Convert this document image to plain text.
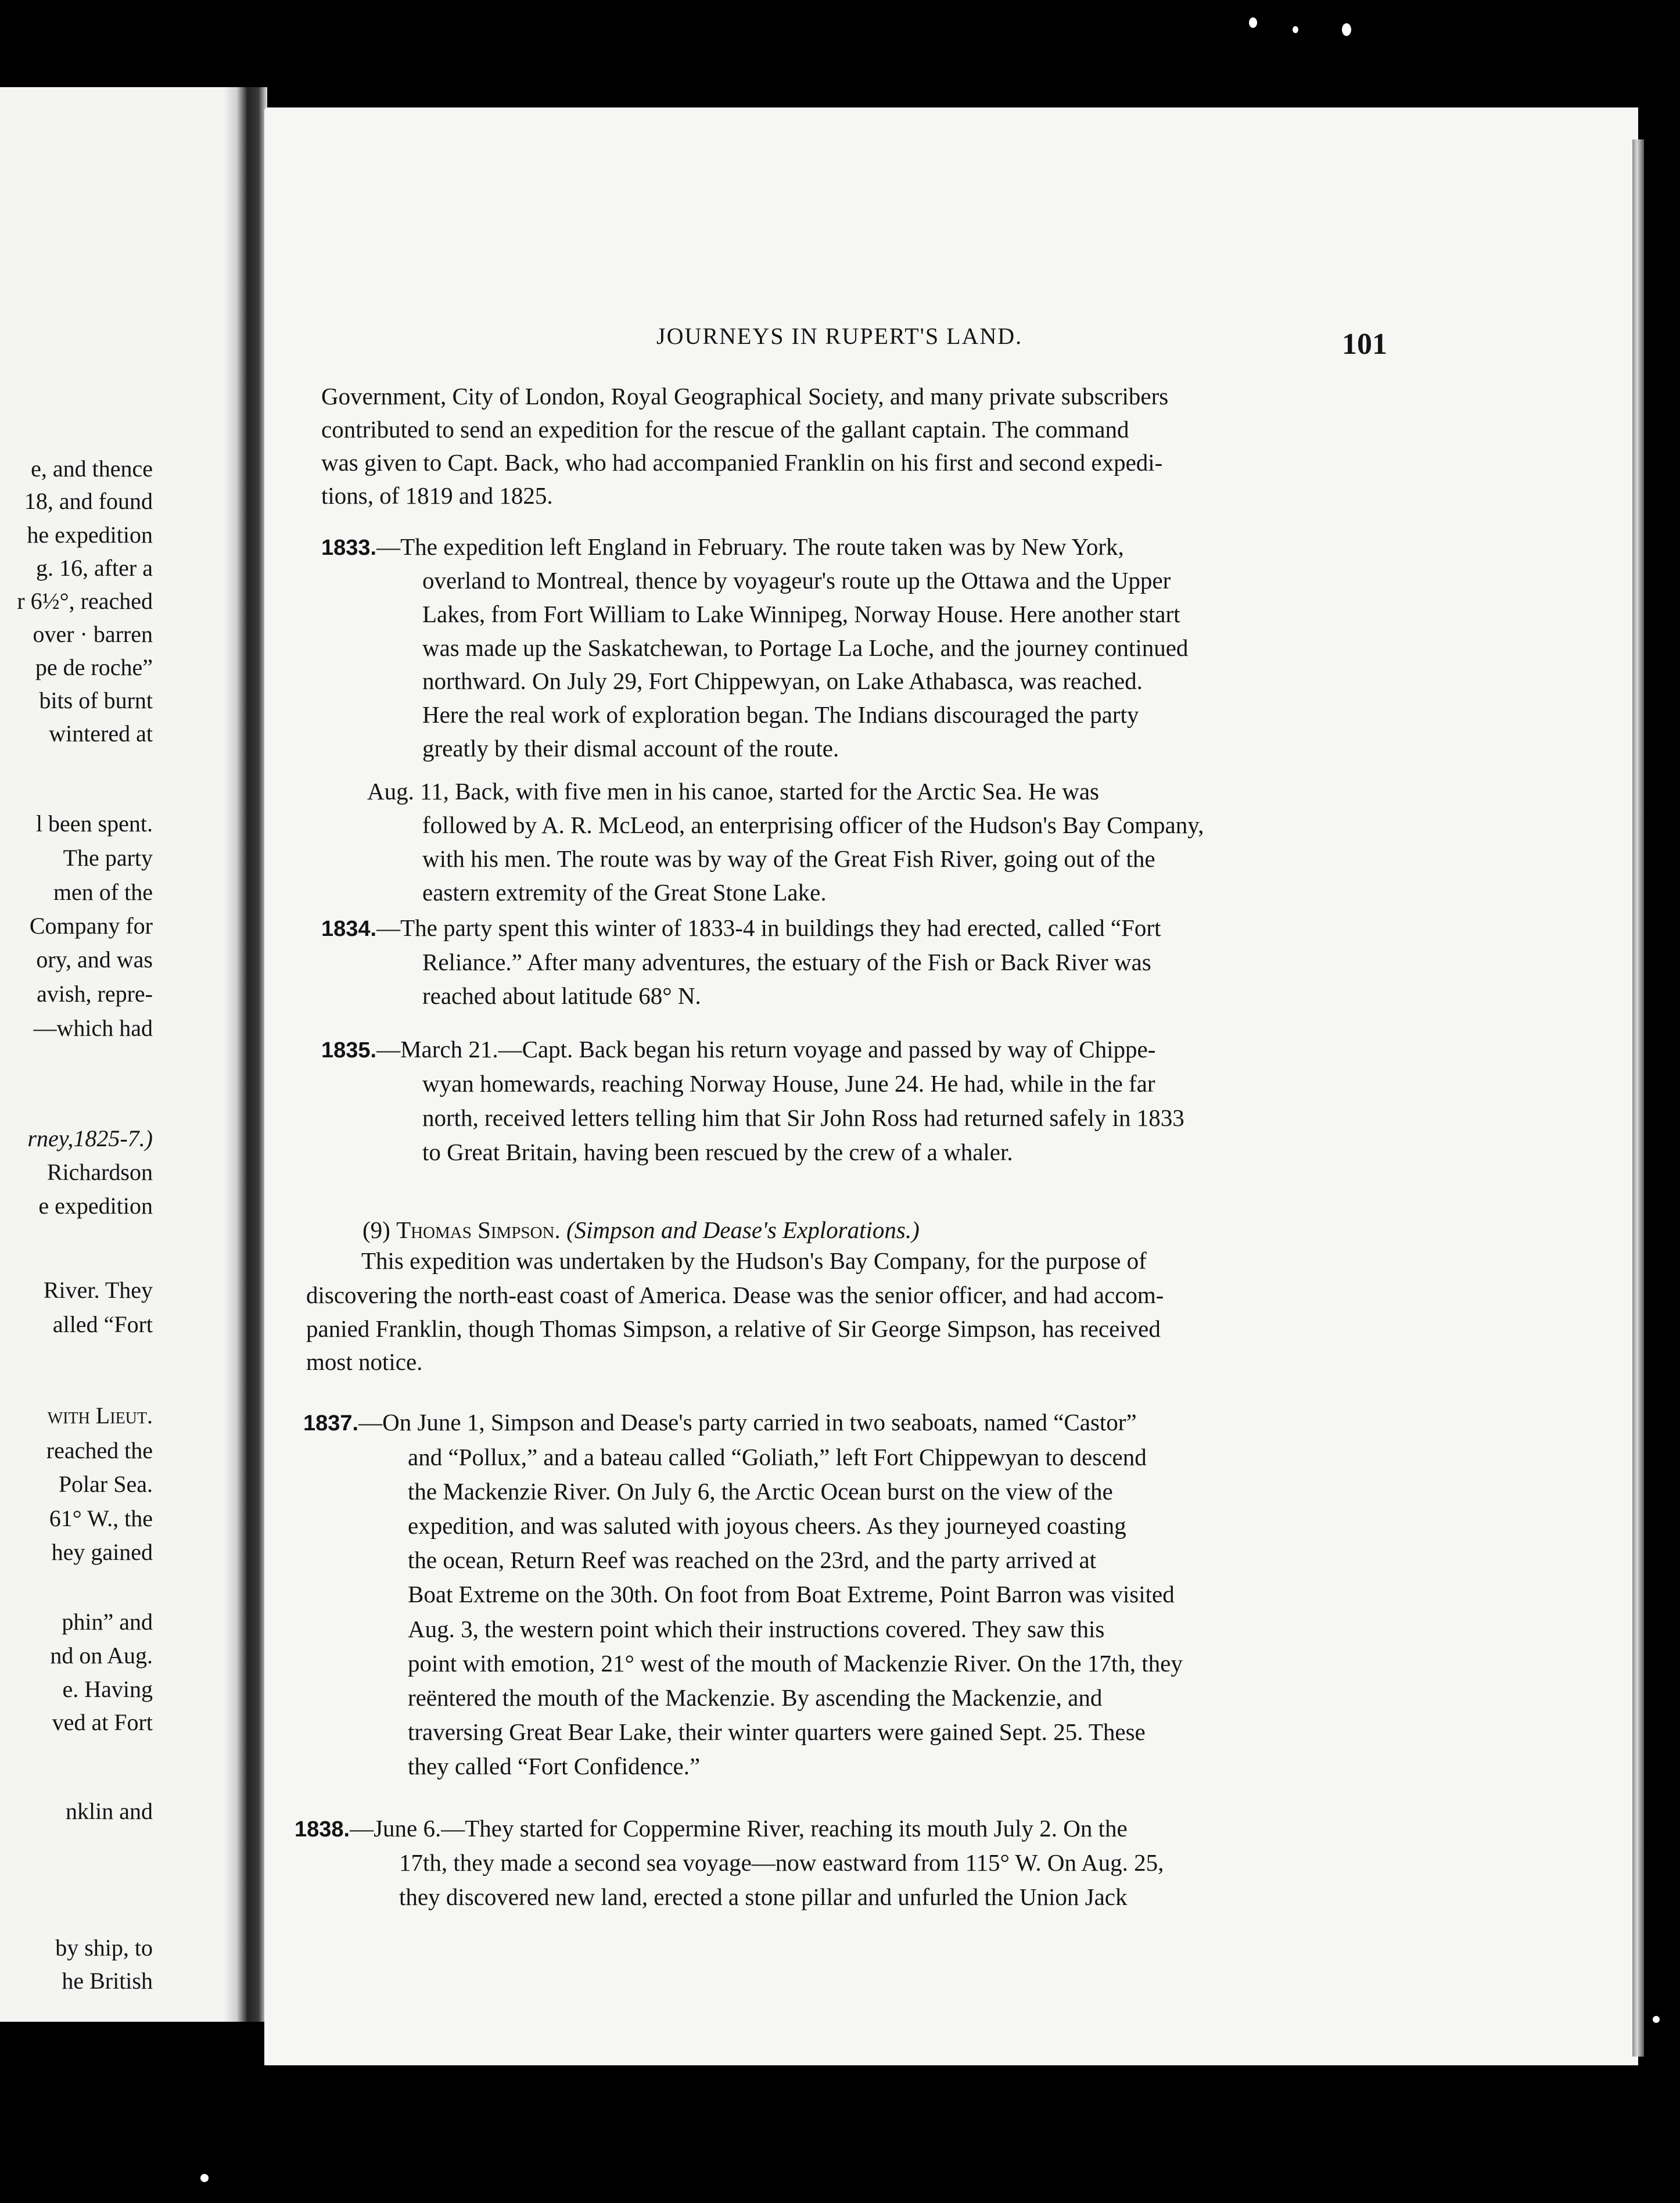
e, and thence
18, and found
he expedition
g. 16, after a
r 6½°, reached
over · barren
pe de roche”
bits of burnt
wintered at
l been spent.
The party
men of the
Company for
ory, and was
avish, repre-
—which had
rney,1825-7.)
Richardson
e expedition
River. They
alled “Fort
with Lieut.
reached the
Polar Sea.
61° W., the
hey gained
phin” and
nd on Aug.
e. Having
ved at Fort
nklin and
by ship, to
he British
JOURNEYS IN RUPERT'S LAND.	101
Government, City of London, Royal Geographical Society, and many private subscribers
contributed to send an expedition for the rescue of the gallant captain. The command
was given to Capt. Back, who had accompanied Franklin on his first and second expedi-
tions, of 1819 and 1825.
1833.—The expedition left England in February. The route taken was by New York,
overland to Montreal, thence by voyageur's route up the Ottawa and the Upper
Lakes, from Fort William to Lake Winnipeg, Norway House. Here another start
was made up the Saskatchewan, to Portage La Loche, and the journey continued
northward. On July 29, Fort Chippewyan, on Lake Athabasca, was reached.
Here the real work of exploration began. The Indians discouraged the party
greatly by their dismal account of the route.
Aug. 11, Back, with five men in his canoe, started for the Arctic Sea. He was
followed by A. R. McLeod, an enterprising officer of the Hudson's Bay Company,
with his men. The route was by way of the Great Fish River, going out of the
eastern extremity of the Great Stone Lake.
1834.—The party spent this winter of 1833-4 in buildings they had erected, called “Fort
Reliance.” After many adventures, the estuary of the Fish or Back River was
reached about latitude 68° N.
1835.—March 21.—Capt. Back began his return voyage and passed by way of Chippe-
wyan homewards, reaching Norway House, June 24. He had, while in the far
north, received letters telling him that Sir John Ross had returned safely in 1833
to Great Britain, having been rescued by the crew of a whaler.
(9) Thomas Simpson. (Simpson and Dease's Explorations.)
This expedition was undertaken by the Hudson's Bay Company, for the purpose of
discovering the north-east coast of America. Dease was the senior officer, and had accom-
panied Franklin, though Thomas Simpson, a relative of Sir George Simpson, has received
most notice.
1837.—On June 1, Simpson and Dease's party carried in two seaboats, named “Castor”
and “Pollux,” and a bateau called “Goliath,” left Fort Chippewyan to descend
the Mackenzie River. On July 6, the Arctic Ocean burst on the view of the
expedition, and was saluted with joyous cheers. As they journeyed coasting
the ocean, Return Reef was reached on the 23rd, and the party arrived at
Boat Extreme on the 30th. On foot from Boat Extreme, Point Barron was visited
Aug. 3, the western point which their instructions covered. They saw this
point with emotion, 21° west of the mouth of Mackenzie River. On the 17th, they
reëntered the mouth of the Mackenzie. By ascending the Mackenzie, and
traversing Great Bear Lake, their winter quarters were gained Sept. 25. These
they called “Fort Confidence.”
1838.—June 6.—They started for Coppermine River, reaching its mouth July 2. On the
17th, they made a second sea voyage—now eastward from 115° W. On Aug. 25,
they discovered new land, erected a stone pillar and unfurled the Union Jack
